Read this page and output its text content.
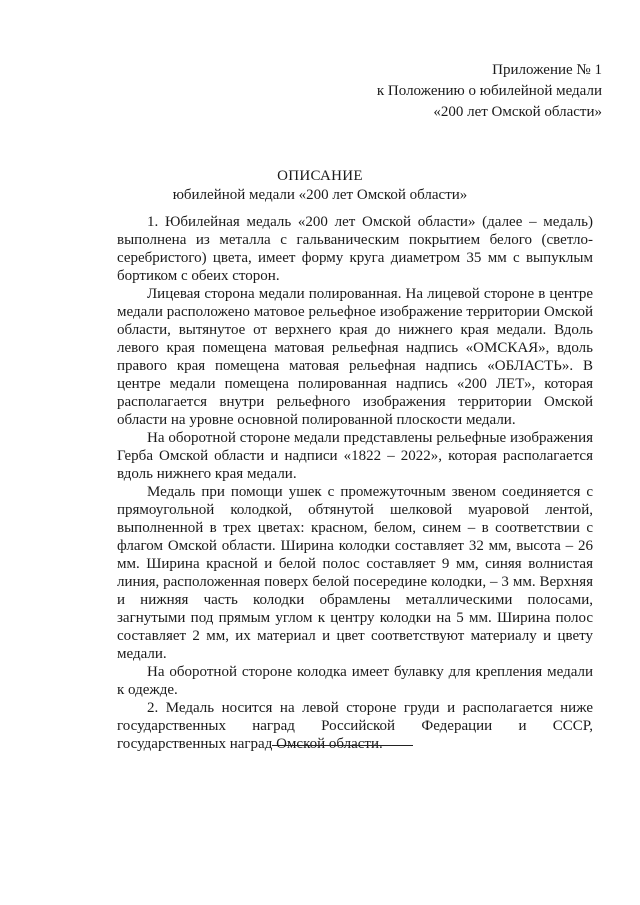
Приложение № 1
к Положению о юбилейной медали
«200 лет Омской области»
ОПИСАНИЕ
юбилейной медали «200 лет Омской области»

1. Юбилейная медаль «200 лет Омской области» (далее – медаль) выполнена из металла с гальваническим покрытием белого (светло-серебристого) цвета, имеет форму круга диаметром 35 мм с выпуклым бортиком с обеих сторон.

Лицевая сторона медали полированная. На лицевой стороне в центре медали расположено матовое рельефное изображение территории Омской области, вытянутое от верхнего края до нижнего края медали. Вдоль левого края помещена матовая рельефная надпись «ОМСКАЯ», вдоль правого края помещена матовая рельефная надпись «ОБЛАСТЬ». В центре медали помещена полированная надпись «200 ЛЕТ», которая располагается внутри рельефного изображения территории Омской области на уровне основной полированной плоскости медали.

На оборотной стороне медали представлены рельефные изображения Герба Омской области и надписи «1822 – 2022», которая располагается вдоль нижнего края медали.

Медаль при помощи ушек с промежуточным звеном соединяется с прямоугольной колодкой, обтянутой шелковой муаровой лентой, выполненной в трех цветах: красном, белом, синем – в соответствии с флагом Омской области. Ширина колодки составляет 32 мм, высота – 26 мм. Ширина красной и белой полос составляет 9 мм, синяя волнистая линия, расположенная поверх белой посередине колодки, – 3 мм. Верхняя и нижняя часть колодки обрамлены металлическими полосами, загнутыми под прямым углом к центру колодки на 5 мм. Ширина полос составляет 2 мм, их материал и цвет соответствуют материалу и цвету медали.

На оборотной стороне колодка имеет булавку для крепления медали к одежде.

2. Медаль носится на левой стороне груди и располагается ниже государственных наград Российской Федерации и СССР, государственных наград Омской области.
